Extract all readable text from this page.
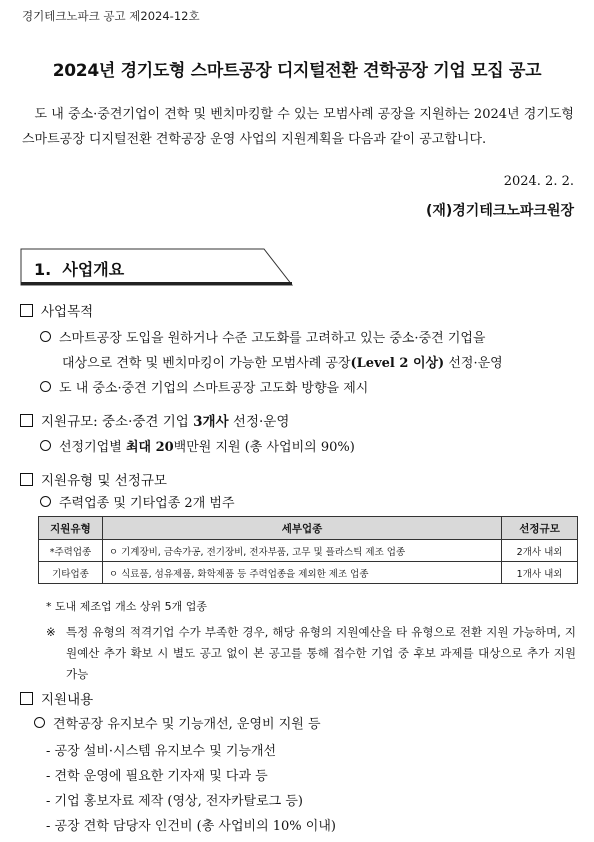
경기테크노파크 공고 제2024-12호
2024년 경기도형 스마트공장 디지털전환 견학공장 기업 모집 공고
도 내 중소·중견기업이 견학 및 벤치마킹할 수 있는 모범사례 공장을 지원하는 2024년 경기도형 스마트공장 디지털전환 견학공장 운영 사업의 지원계획을 다음과 같이 공고합니다.
2024. 2. 2.
(재)경기테크노파크원장
1. 사업개요
사업목적
스마트공장 도입을 원하거나 수준 고도화를 고려하고 있는 중소·중견 기업을
대상으로 견학 및 벤치마킹이 가능한 모범사례 공장(Level 2 이상) 선정·운영
도 내 중소·중견 기업의 스마트공장 고도화 방향을 제시
지원규모: 중소·중견 기업 3개사 선정·운영
선정기업별 최대 20백만원 지원 (총 사업비의 90%)
지원유형 및 선정규모
주력업종 및 기타업종 2개 범주
지원유형	세부업종	선정규모
*주력업종	ㅇ 기계장비, 금속가공, 전기장비, 전자부품, 고무 및 플라스틱 제조 업종	2개사 내외
기타업종	ㅇ 식료품, 섬유제품, 화학제품 등 주력업종을 제외한 제조 업종	1개사 내외
* 도내 제조업 개소 상위 5개 업종
※ 특정 유형의 적격기업 수가 부족한 경우, 해당 유형의 지원예산을 타 유형으로 전환 지원 가능하며, 지원예산 추가 확보 시 별도 공고 없이 본 공고를 통해 접수한 기업 중 후보 과제를 대상으로 추가 지원 가능
지원내용
견학공장 유지보수 및 기능개선, 운영비 지원 등
- 공장 설비·시스템 유지보수 및 기능개선
- 견학 운영에 필요한 기자재 및 다과 등
- 기업 홍보자료 제작 (영상, 전자카탈로그 등)
- 공장 견학 담당자 인건비 (총 사업비의 10% 이내)
